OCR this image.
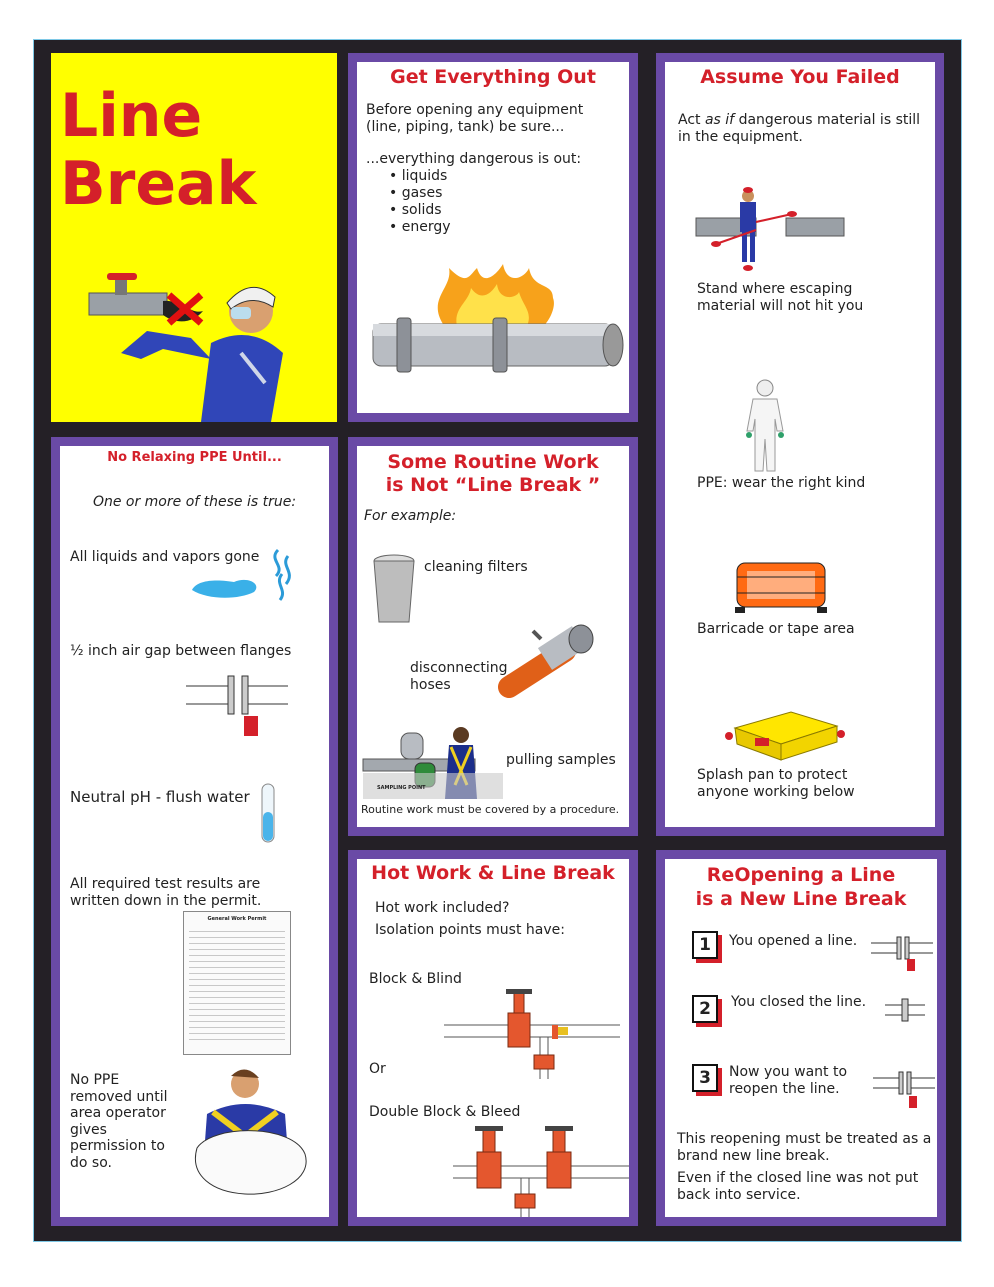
Line
Break
Get Everything Out
Before opening any equipment (line, piping, tank) be sure...
...everything dangerous is out:
• liquids
• gases
• solids
• energy
Assume You Failed
Act as if dangerous material is still in the equipment.
Stand where escaping material will not hit you
PPE: wear the right kind
Barricade or tape area
Splash pan to protect anyone working below
No Relaxing PPE Until...
One or more of these is true:
All liquids and vapors gone
½ inch air gap between flanges
Neutral pH - flush water
All required test results are written down in the permit.
General Work Permit
No PPE removed until area operator gives permission to do so.
Some Routine Work
is Not “Line Break ”
For example:
cleaning filters
disconnecting hoses
SAMPLING POINT
pulling samples
Routine work must be covered by a procedure.
Hot Work & Line Break
Hot work included?
Isolation points must have:
Block & Blind
Or
Double Block & Bleed
ReOpening a Line
is a New Line Break
1	You opened a line.
2	You closed the line.
3	Now you want to reopen the line.
This reopening must be treated as a brand new line break.
Even if the closed line was not put back into service.
